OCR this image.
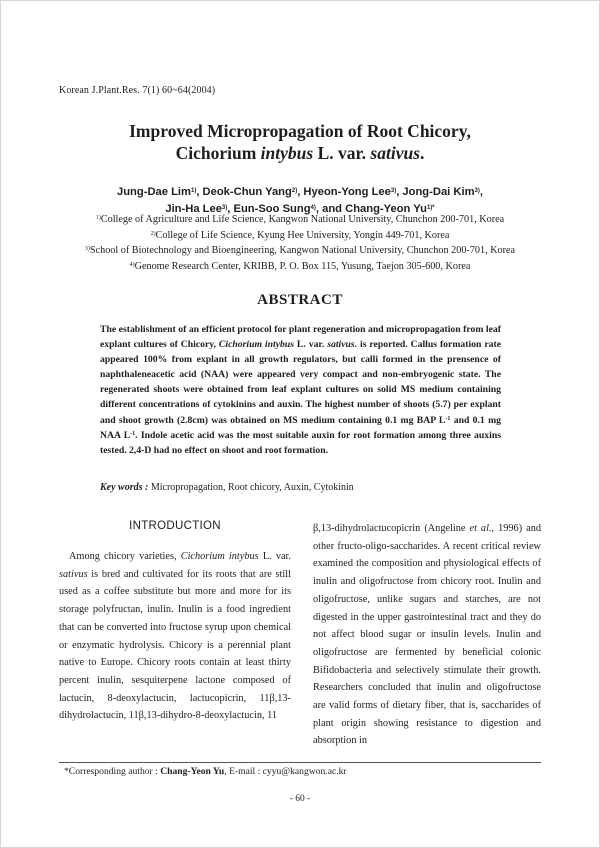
Korean J.Plant.Res. 7(1) 60~64(2004)
Improved Micropropagation of Root Chicory,
Cichorium intybus L. var. sativus.
Jung-Dae Lim$^{1)}$, Deok-Chun Yang$^{2)}$, Hyeon-Yong Lee$^{3)}$, Jong-Dai Kim$^{3)}$,
Jin-Ha Lee$^{3)}$, Eun-Soo Sung$^{4)}$, and Chang-Yeon $Yu^{1)*}$
$^{1)}$College of Agriculture and Life Science, Kangwon National University, Chunchon 200-701, Korea
$^{2)}$College of Life Science, Kyung Hee University, Yongin 449-701, Korea
$^{3)}$School of Biotechnology and Bioengineering, Kangwon National University, Chunchon 200-701, Korea
$^{4)}$Genome Research Center, KRIBB, P. O. Box 115, Yusung, Taejon 305-600, Korea
ABSTRACT
The establishment of an efficient protocol for plant regeneration and micropropagation from leaf explant cultures of Chicory, Cichorium intybus L. var. sativus. is reported. Callus formation rate appeared 100% from explant in all growth regulators, but calli formed in the prensence of naphthaleneacetic acid (NAA) were appeared very compact and non-embryogenic state. The regenerated shoots were obtained from leaf explant cultures on solid MS medium containing different concentrations of cytokinins and auxin. The highest number of shoots (5.7) per explant and shoot growth (2.8cm) was obtained on MS medium containing 0.1 mg BAP $L^{-1}$ and 0.1 mg NAA $L^{-1}$. Indole acetic acid was the most suitable auxin for root formation among three auxins tested. 2,4-D had no effect on shoot and root formation.
Key words : Micropropagation, Root chicory, Auxin, Cytokinin
INTRODUCTION

Among chicory varieties, Cichorium intybus L. var. sativus is bred and cultivated for its roots that are still used as a coffee substitute but more and more for its storage polyfructan, inulin. Inulin is a food ingredient that can be converted into fructose syrup upon chemical or enzymatic hydrolysis. Chicory is a perennial plant native to Europe. Chicory roots contain at least thirty percent inulin, sesquiterpene lactone composed of lactucin, 8-deoxylactucin, lactucopicrin, 11β,13-dihydrolactucin, 11β,13-dihydro-8-deoxylactucin, 11

β,13-dihydrolactucopicrin (Angeline et al., 1996) and other fructo-oligo-saccharides. A recent critical review examined the composition and physiological effects of inulin and oligofructose from chicory root. Inulin and oligofructose, unlike sugars and starches, are not digested in the upper gastrointestinal tract and they do not affect blood sugar or insulin levels. Inulin and oligofructose are fermented by beneficial colonic Bifidobacteria and selectively stimulate their growth. Researchers concluded that inulin and oligofructose are valid forms of dietary fiber, that is, saccharides of plant origin showing resistance to digestion and absorption in

*Corresponding author : Chang-Yeon Yu, E-mail : cyyu@kangwon.ac.kr
- 60 -
